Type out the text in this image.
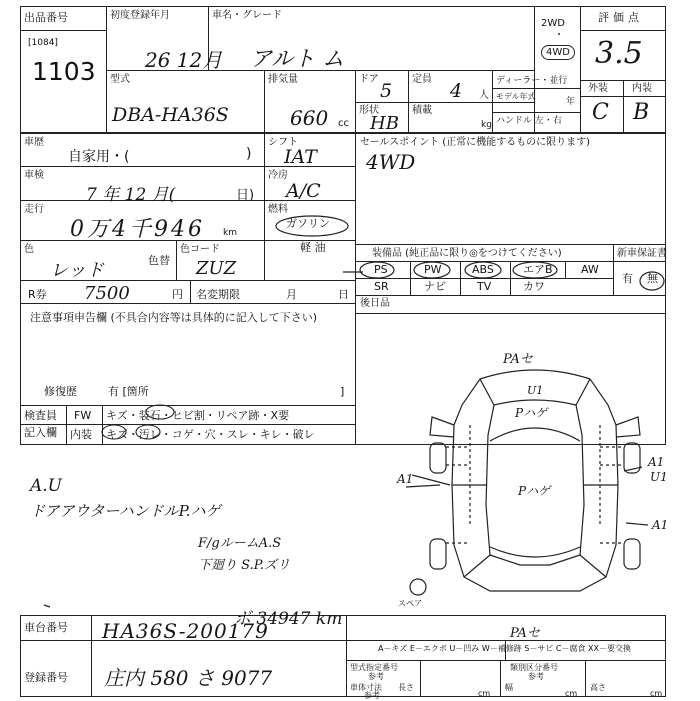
出品番号
[1084]
1103
初度登録年月
26 12月
車名・グレード
アルト ム
2WD
・
4WD
評価点
3.5
外装 内装
C B
型式
DBA-HA36S
排気量
660 cc
ドア
5
定員
4 人
形状
HB
積載
kg
ディーラー・並行
モデル年式
年
ハンドル 左・右
車歴
自家用・(	)
車検
7 年 12 月(	日)
走行
0万4千946 km
色
レッド	色替
色コード
ZUZ
R券 7500	円 名変期限	月	日
注意事項申告欄 (不具合内容等は具体的に記入して下さい)
修復歴	有 [箇所	]
シフト
IAT
冷房
A/C
燃料
ガソリン
軽 油
セールスポイント (正常に機能するものに限ります)
4WD
装備品 (純正品に限り◎をつけてください)	新車保証書
PS	PW	ABS	エアB	AW
SR	ナビ	TV	カワ
有 無
後日品
検査員
記入欄
FW キズ・装石・ヒビ割・リペア跡・X要
内装 キズ・汚レ・コゲ・穴・スレ・キレ・破レ
A.U
ドアアウターハンドルP.ハゲ
F/gルームA.S
下廻り S.P.ズリ
ボ 34947 km
PAセ
U1
Pハゲ
Pハゲ
A1
A1
U1
A1
PAセ
スペア
A－キズ E－エクボ U－凹み W－補修跡 S－サビ C－腐食 XX－要交換
車台番号 HA36S-200179
登録番号 庄内 580 さ 9077	型式指定番号
参考
類別区分番号
参考
車体寸法
参考
長さ
cm
幅
cm
高さ
cm
